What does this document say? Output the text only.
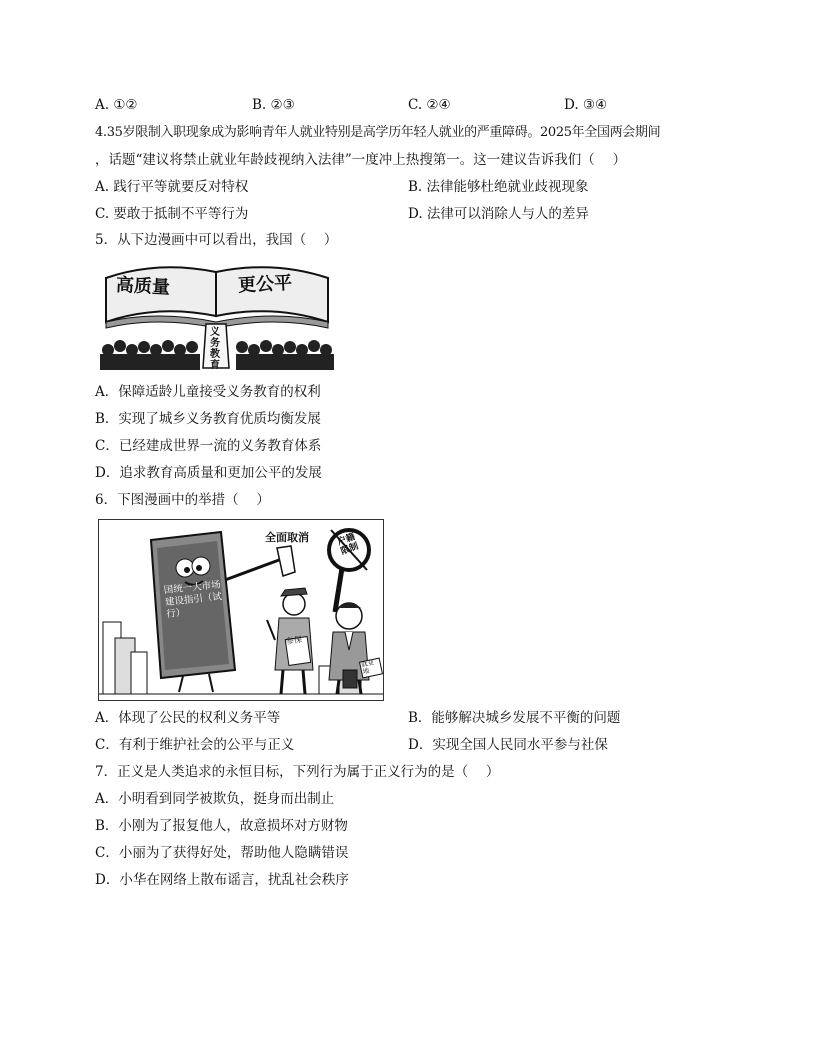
A. ①②	B. ②③	C. ②④	D. ③④
4.35岁限制入职现象成为影响青年人就业特别是高学历年轻人就业的严重障碍。2025年全国两会期间
，话题“建议将禁止就业年龄歧视纳入法律”一度冲上热搜第一。这一建议告诉我们（　 ）
A. 践行平等就要反对特权	B. 法律能够杜绝就业歧视现象
C. 要敢于抵制不平等行为	D. 法律可以消除人与人的差异
5．从下边漫画中可以看出，我国（　 ）
高质量	更公平
义务教育
A．保障适龄儿童接受义务教育的权利
B．实现了城乡义务教育优质均衡发展
C．已经建成世界一流的义务教育体系
D．追求教育高质量和更加公平的发展
6．下图漫画中的举措（　 ）
全面取消	户籍限制
国统一大市场建设指引（试行）
参保
就业地
A．体现了公民的权利义务平等	B．能够解决城乡发展不平衡的问题
C．有利于维护社会的公平与正义	D．实现全国人民同水平参与社保
7．正义是人类追求的永恒目标，下列行为属于正义行为的是（　 ）
A．小明看到同学被欺负，挺身而出制止
B．小刚为了报复他人，故意损坏对方财物
C．小丽为了获得好处，帮助他人隐瞒错误
D．小华在网络上散布谣言，扰乱社会秩序
